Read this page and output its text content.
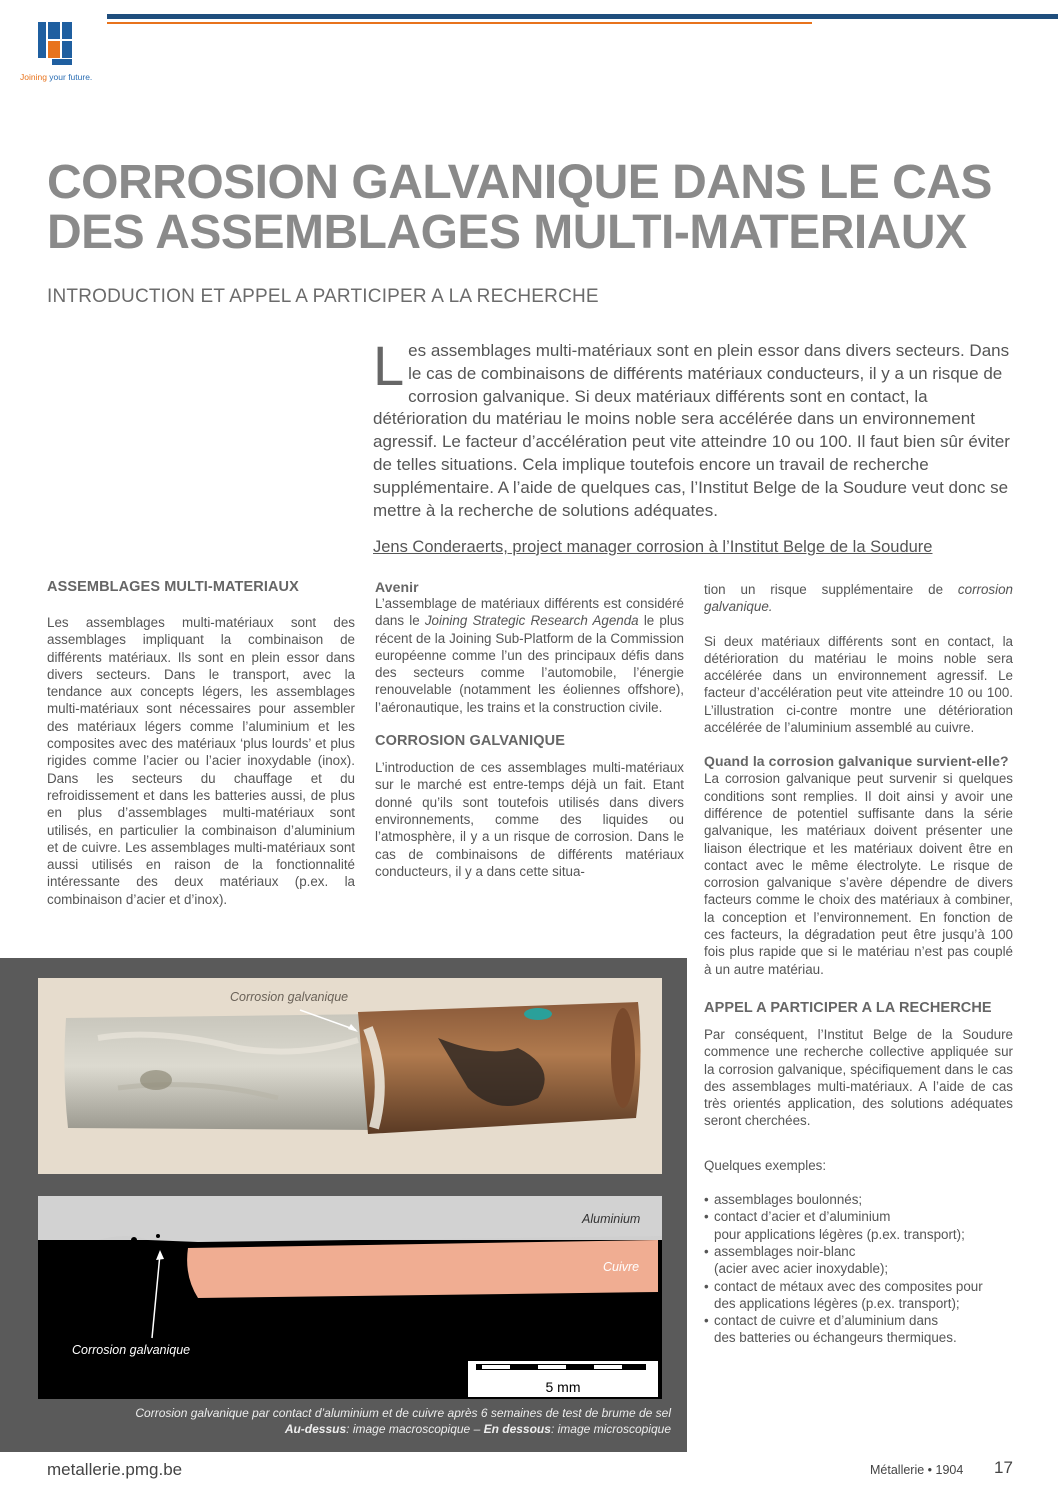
Joining your future.
CORROSION GALVANIQUE DANS LE CAS
DES ASSEMBLAGES MULTI-MATERIAUX
INTRODUCTION ET APPEL A PARTICIPER A LA RECHERCHE
Les assemblages multi-matériaux sont en plein essor dans divers secteurs. Dans le cas de combinaisons de différents matériaux conducteurs, il y a un risque de corrosion galvanique. Si deux matériaux différents sont en contact, la détérioration du matériau le moins noble sera accélérée dans un environnement agressif. Le facteur d’accélération peut vite atteindre 10 ou 100. Il faut bien sûr éviter de telles situations. Cela implique toutefois encore un travail de recherche supplémentaire. A l’aide de quelques cas, l’Institut Belge de la Soudure veut donc se mettre à la recherche de solutions adéquates.
Jens Conderaerts, project manager corrosion à l’Institut Belge de la Soudure
ASSEMBLAGES MULTI-MATERIAUX
Les assemblages multi-matériaux sont des assemblages impliquant la combinaison de différents matériaux. Ils sont en plein essor dans divers secteurs. Dans le transport, avec la tendance aux concepts légers, les assemblages multi-matériaux sont nécessaires pour assembler des matériaux légers comme l’aluminium et les composites avec des matériaux ‘plus lourds’ et plus rigides comme l’acier ou l’acier inoxydable (inox). Dans les secteurs du chauffage et du refroidissement et dans les batteries aussi, de plus en plus d’assemblages multi-matériaux sont utilisés, en particulier la combinaison d’aluminium et de cuivre. Les assemblages multi-matériaux sont aussi utilisés en raison de la fonctionnalité intéressante des deux matériaux (p.ex. la combinaison d’acier et d’inox).
Avenir
L’assemblage de matériaux différents est considéré dans le Joining Strategic Research Agenda le plus récent de la Joining Sub-Platform de la Commission européenne comme l’un des principaux défis dans des secteurs comme l’automobile, l’énergie renouvelable (notamment les éoliennes offshore), l’aéronautique, les trains et la construction civile.
CORROSION GALVANIQUE
L’introduction de ces assemblages multi-matériaux sur le marché est entre-temps déjà un fait. Etant donné qu’ils sont toutefois utilisés dans divers environnements, comme des liquides ou l’atmosphère, il y a un risque de corrosion. Dans le cas de combinaisons de différents matériaux conducteurs, il y a dans cette situa-
tion un risque supplémentaire de corrosion galvanique.
Si deux matériaux différents sont en contact, la détérioration du matériau le moins noble sera accélérée dans un environnement agressif. Le facteur d’accélération peut vite atteindre 10 ou 100. L’illustration ci-contre montre une détérioration accélérée de l’aluminium assemblé au cuivre.
Quand la corrosion galvanique survient-elle?
La corrosion galvanique peut survenir si quelques conditions sont remplies. Il doit ainsi y avoir une différence de potentiel suffisante dans la série galvanique, les matériaux doivent présenter une liaison électrique et les matériaux doivent être en contact avec le même électrolyte. Le risque de corrosion galvanique s’avère dépendre de divers facteurs comme le choix des matériaux à combiner, la conception et l’environnement. En fonction de ces facteurs, la dégradation peut être jusqu’à 100 fois plus rapide que si le matériau n’est pas couplé à un autre matériau.
APPEL A PARTICIPER A LA RECHERCHE
Par conséquent, l’Institut Belge de la Soudure commence une recherche collective appliquée sur la corrosion galvanique, spécifiquement dans le cas des assemblages multi-matériaux. A l’aide de cas très orientés application, des solutions adéquates seront cherchées.
Quelques exemples:
• assemblages boulonnés;
• contact d’acier et d’aluminium
pour applications légères (p.ex. transport);
• assemblages noir-blanc
(acier avec acier inoxydable);
• contact de métaux avec des composites pour
des applications légères (p.ex. transport);
• contact de cuivre et d’aluminium dans
des batteries ou échangeurs thermiques.
Corrosion galvanique
Aluminium
Cuivre
Corrosion galvanique
5 mm
Corrosion galvanique par contact d’aluminium et de cuivre après 6 semaines de test de brume de sel
Au-dessus: image macroscopique – En dessous: image microscopique
metallerie.pmg.be	Métallerie • 1904 17
